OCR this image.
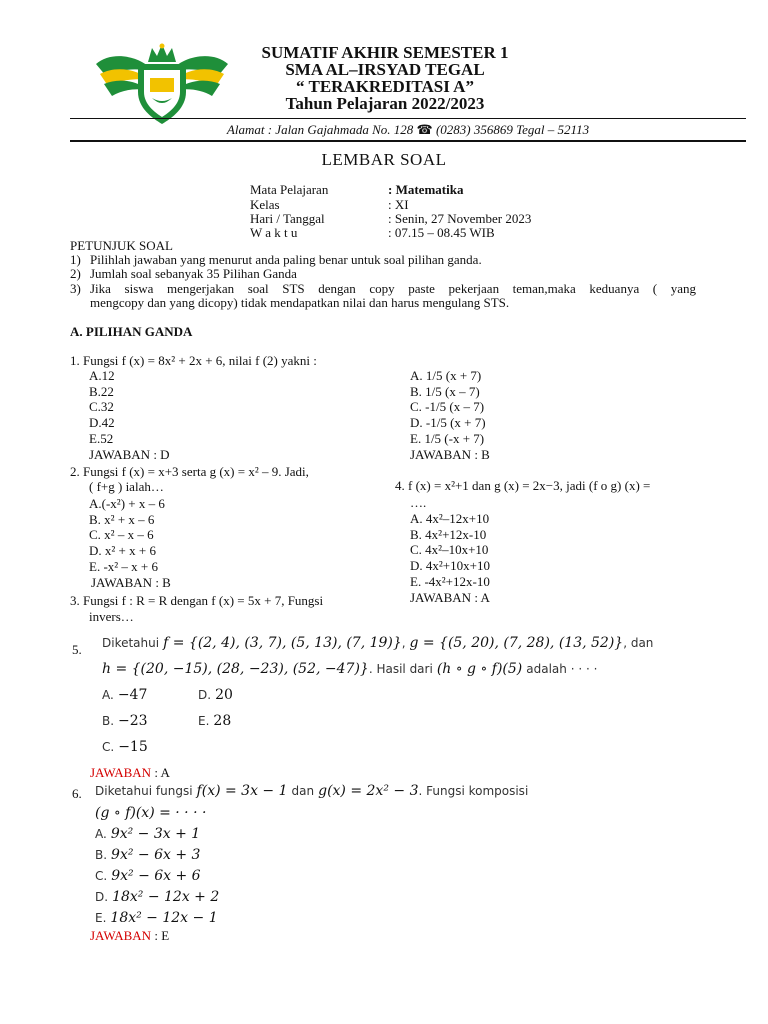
SUMATIF AKHIR SEMESTER 1
SMA AL–IRSYAD TEGAL
“ TERAKREDITASI A”
Tahun Pelajaran 2022/2023
Alamat : Jalan Gajahmada No. 128 ☎ (0283) 356869 Tegal – 52113
LEMBAR SOAL
Mata Pelajaran	: Matematika
Kelas	: XI
Hari / Tanggal	: Senin, 27 November 2023
W a k t u	: 07.15 – 08.45 WIB
PETUNJUK SOAL
1) Pilihlah jawaban yang menurut anda paling benar untuk soal pilihan ganda.
2) Jumlah soal sebanyak 35 Pilihan Ganda
3) Jika siswa mengerjakan soal STS dengan copy paste pekerjaan teman,maka keduanya ( yang
mengcopy dan yang dicopy) tidak mendapatkan nilai dan harus mengulang STS.
A. PILIHAN GANDA
1. Fungsi f (x) = 8x² + 2x + 6, nilai f (2) yakni :
A.12
B.22
C.32
D.42
E.52
JAWABAN : D
2. Fungsi f (x) = x+3 serta g (x) = x² – 9. Jadi,
( f+g ) ialah…
A.(-x²) + x – 6
B. x² + x – 6
C. x² – x – 6
D. x² + x + 6
E. -x² – x + 6
JAWABAN : B
3. Fungsi f : R = R dengan f (x) = 5x + 7, Fungsi
invers…
A. 1/5 (x + 7)
B. 1/5 (x – 7)
C. -1/5 (x – 7)
D. -1/5 (x + 7)
E. 1/5 (-x + 7)
JAWABAN : B
4. f (x) = x²+1 dan g (x) = 2x−3, jadi (f o g) (x) =
….
A. 4x²–12x+10
B. 4x²+12x-10
C. 4x²–10x+10
D. 4x²+10x+10
E. -4x²+12x-10
JAWABAN : A
5. Diketahui f = {(2, 4), (3, 7), (5, 13), (7, 19)}, g = {(5, 20), (7, 28), (13, 52)}, dan
h = {(20, −15), (28, −23), (52, −47)}. Hasil dari (h ∘ g ∘ f)(5) adalah · · · ·
A. −47	D. 20
B. −23	E. 28
C. −15
JAWABAN : A
6. Diketahui fungsi f(x) = 3x − 1 dan g(x) = 2x² − 3. Fungsi komposisi
(g ∘ f)(x) = · · · ·
A. 9x² − 3x + 1
B. 9x² − 6x + 3
C. 9x² − 6x + 6
D. 18x² − 12x + 2
E. 18x² − 12x − 1
JAWABAN : E
